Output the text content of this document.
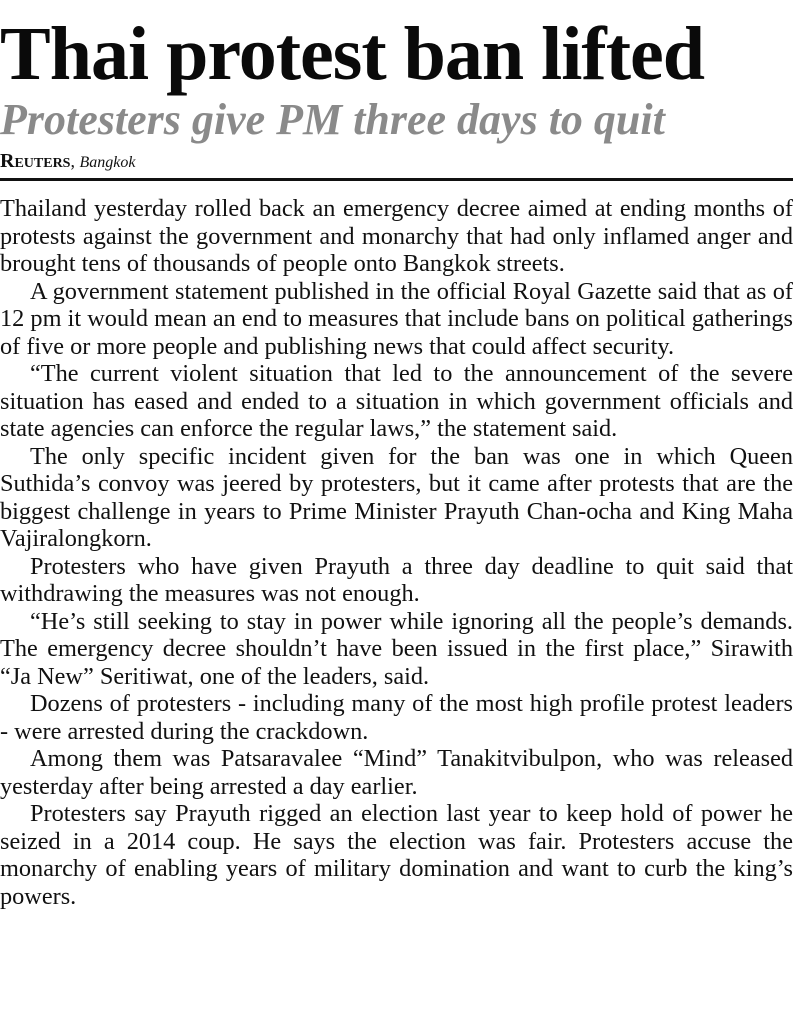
Thai protest ban lifted
Protesters give PM three days to quit
Reuters, Bangkok

Thailand yesterday rolled back an emergency decree aimed at ending months of protests against the government and monarchy that had only inflamed anger and brought tens of thousands of people onto Bangkok streets.

A government statement published in the official Royal Gazette said that as of 12 pm it would mean an end to measures that include bans on political gatherings of five or more people and publishing news that could affect security.

“The current violent situation that led to the announcement of the severe situation has eased and ended to a situation in which government officials and state agencies can enforce the regular laws,” the statement said.

The only specific incident given for the ban was one in which Queen Suthida’s convoy was jeered by protesters, but it came after protests that are the biggest challenge in years to Prime Minister Prayuth Chan-ocha and King Maha Vajiralongkorn.

Protesters who have given Prayuth a three day deadline to quit said that withdrawing the measures was not enough.

“He’s still seeking to stay in power while ignoring all the people’s demands. The emergency decree shouldn’t have been issued in the first place,” Sirawith “Ja New” Seritiwat, one of the leaders, said.

Dozens of protesters - including many of the most high profile protest leaders - were arrested during the crackdown.

Among them was Patsaravalee “Mind” Tanakitvibulpon, who was released yesterday after being arrested a day earlier.

Protesters say Prayuth rigged an election last year to keep hold of power he seized in a 2014 coup. He says the election was fair. Protesters accuse the monarchy of enabling years of military domination and want to curb the king’s powers.
